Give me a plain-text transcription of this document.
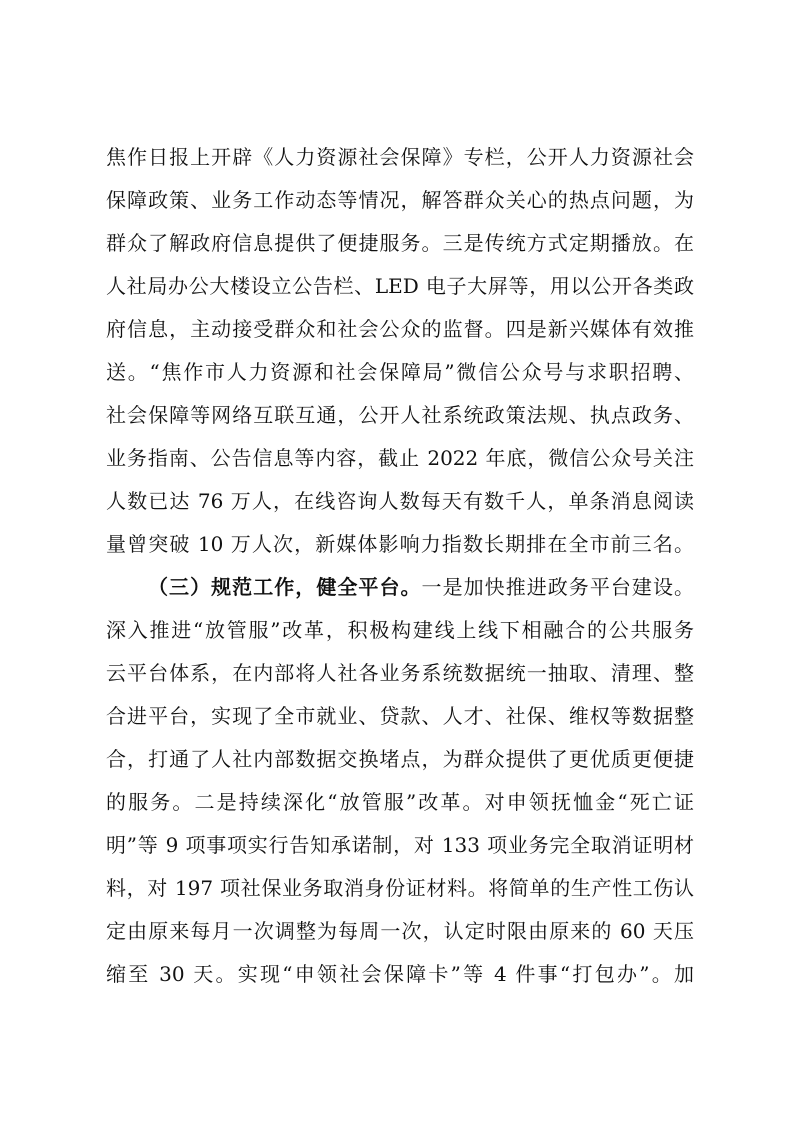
焦作日报上开辟《人力资源社会保障》专栏，公开人力资源社会
保障政策、业务工作动态等情况，解答群众关心的热点问题，为
群众了解政府信息提供了便捷服务。三是传统方式定期播放。在
人社局办公大楼设立公告栏、LED 电子大屏等，用以公开各类政
府信息，主动接受群众和社会公众的监督。四是新兴媒体有效推
送。“焦作市人力资源和社会保障局”微信公众号与求职招聘、
社会保障等网络互联互通，公开人社系统政策法规、执点政务、
业务指南、公告信息等内容，截止 2022 年底，微信公众号关注
人数已达 76 万人，在线咨询人数每天有数千人，单条消息阅读
量曾突破 10 万人次，新媒体影响力指数长期排在全市前三名。
（三）规范工作，健全平台。一是加快推进政务平台建设。
深入推进“放管服”改革，积极构建线上线下相融合的公共服务
云平台体系，在内部将人社各业务系统数据统一抽取、清理、整
合进平台，实现了全市就业、贷款、人才、社保、维权等数据整
合，打通了人社内部数据交换堵点，为群众提供了更优质更便捷
的服务。二是持续深化“放管服”改革。对申领抚恤金“死亡证
明”等 9 项事项实行告知承诺制，对 133 项业务完全取消证明材
料，对 197 项社保业务取消身份证材料。将简单的生产性工伤认
定由原来每月一次调整为每周一次，认定时限由原来的 60 天压
缩至 30 天。实现“申领社会保障卡”等 4 件事“打包办”。加
